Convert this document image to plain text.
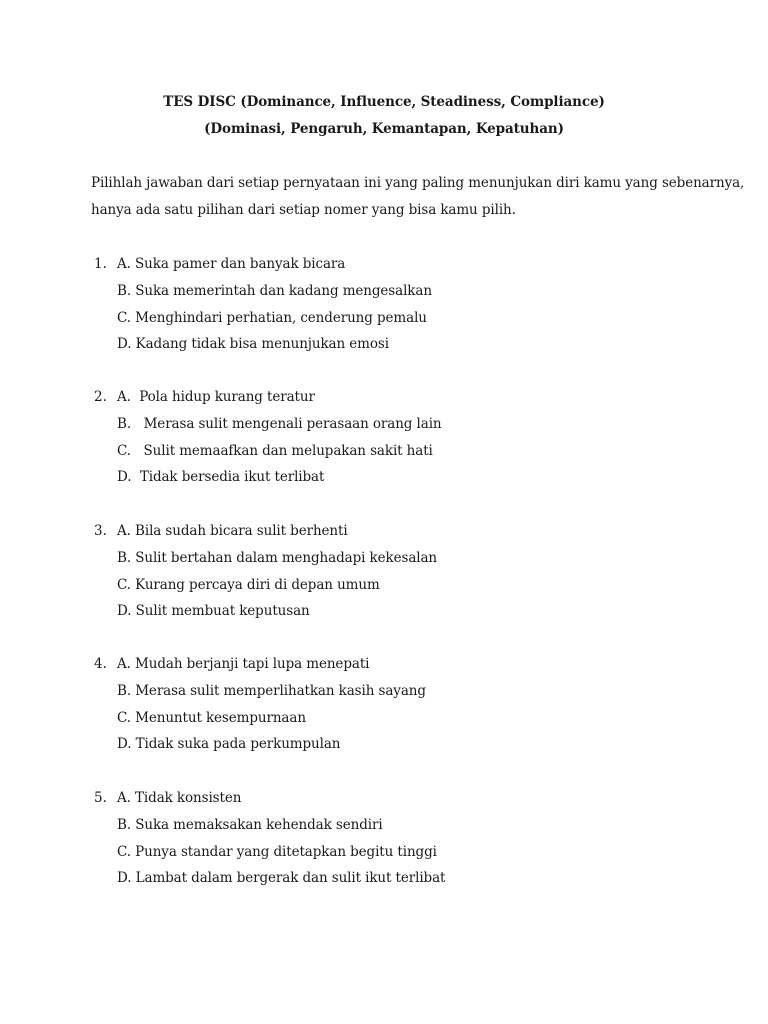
TES DISC (Dominance, Influence, Steadiness, Compliance)
(Dominasi, Pengaruh, Kemantapan, Kepatuhan)
Pilihlah jawaban dari setiap pernyataan ini yang paling menunjukan diri kamu yang sebenarnya,
hanya ada satu pilihan dari setiap nomer yang bisa kamu pilih.
1. A. Suka pamer dan banyak bicara
B. Suka memerintah dan kadang mengesalkan
C. Menghindari perhatian, cenderung pemalu
D. Kadang tidak bisa menunjukan emosi
2. A.  Pola hidup kurang teratur
B.   Merasa sulit mengenali perasaan orang lain
C.   Sulit memaafkan dan melupakan sakit hati
D.  Tidak bersedia ikut terlibat
3. A. Bila sudah bicara sulit berhenti
B. Sulit bertahan dalam menghadapi kekesalan
C. Kurang percaya diri di depan umum
D. Sulit membuat keputusan
4. A. Mudah berjanji tapi lupa menepati
B. Merasa sulit memperlihatkan kasih sayang
C. Menuntut kesempurnaan
D. Tidak suka pada perkumpulan
5. A. Tidak konsisten
B. Suka memaksakan kehendak sendiri
C. Punya standar yang ditetapkan begitu tinggi
D. Lambat dalam bergerak dan sulit ikut terlibat
